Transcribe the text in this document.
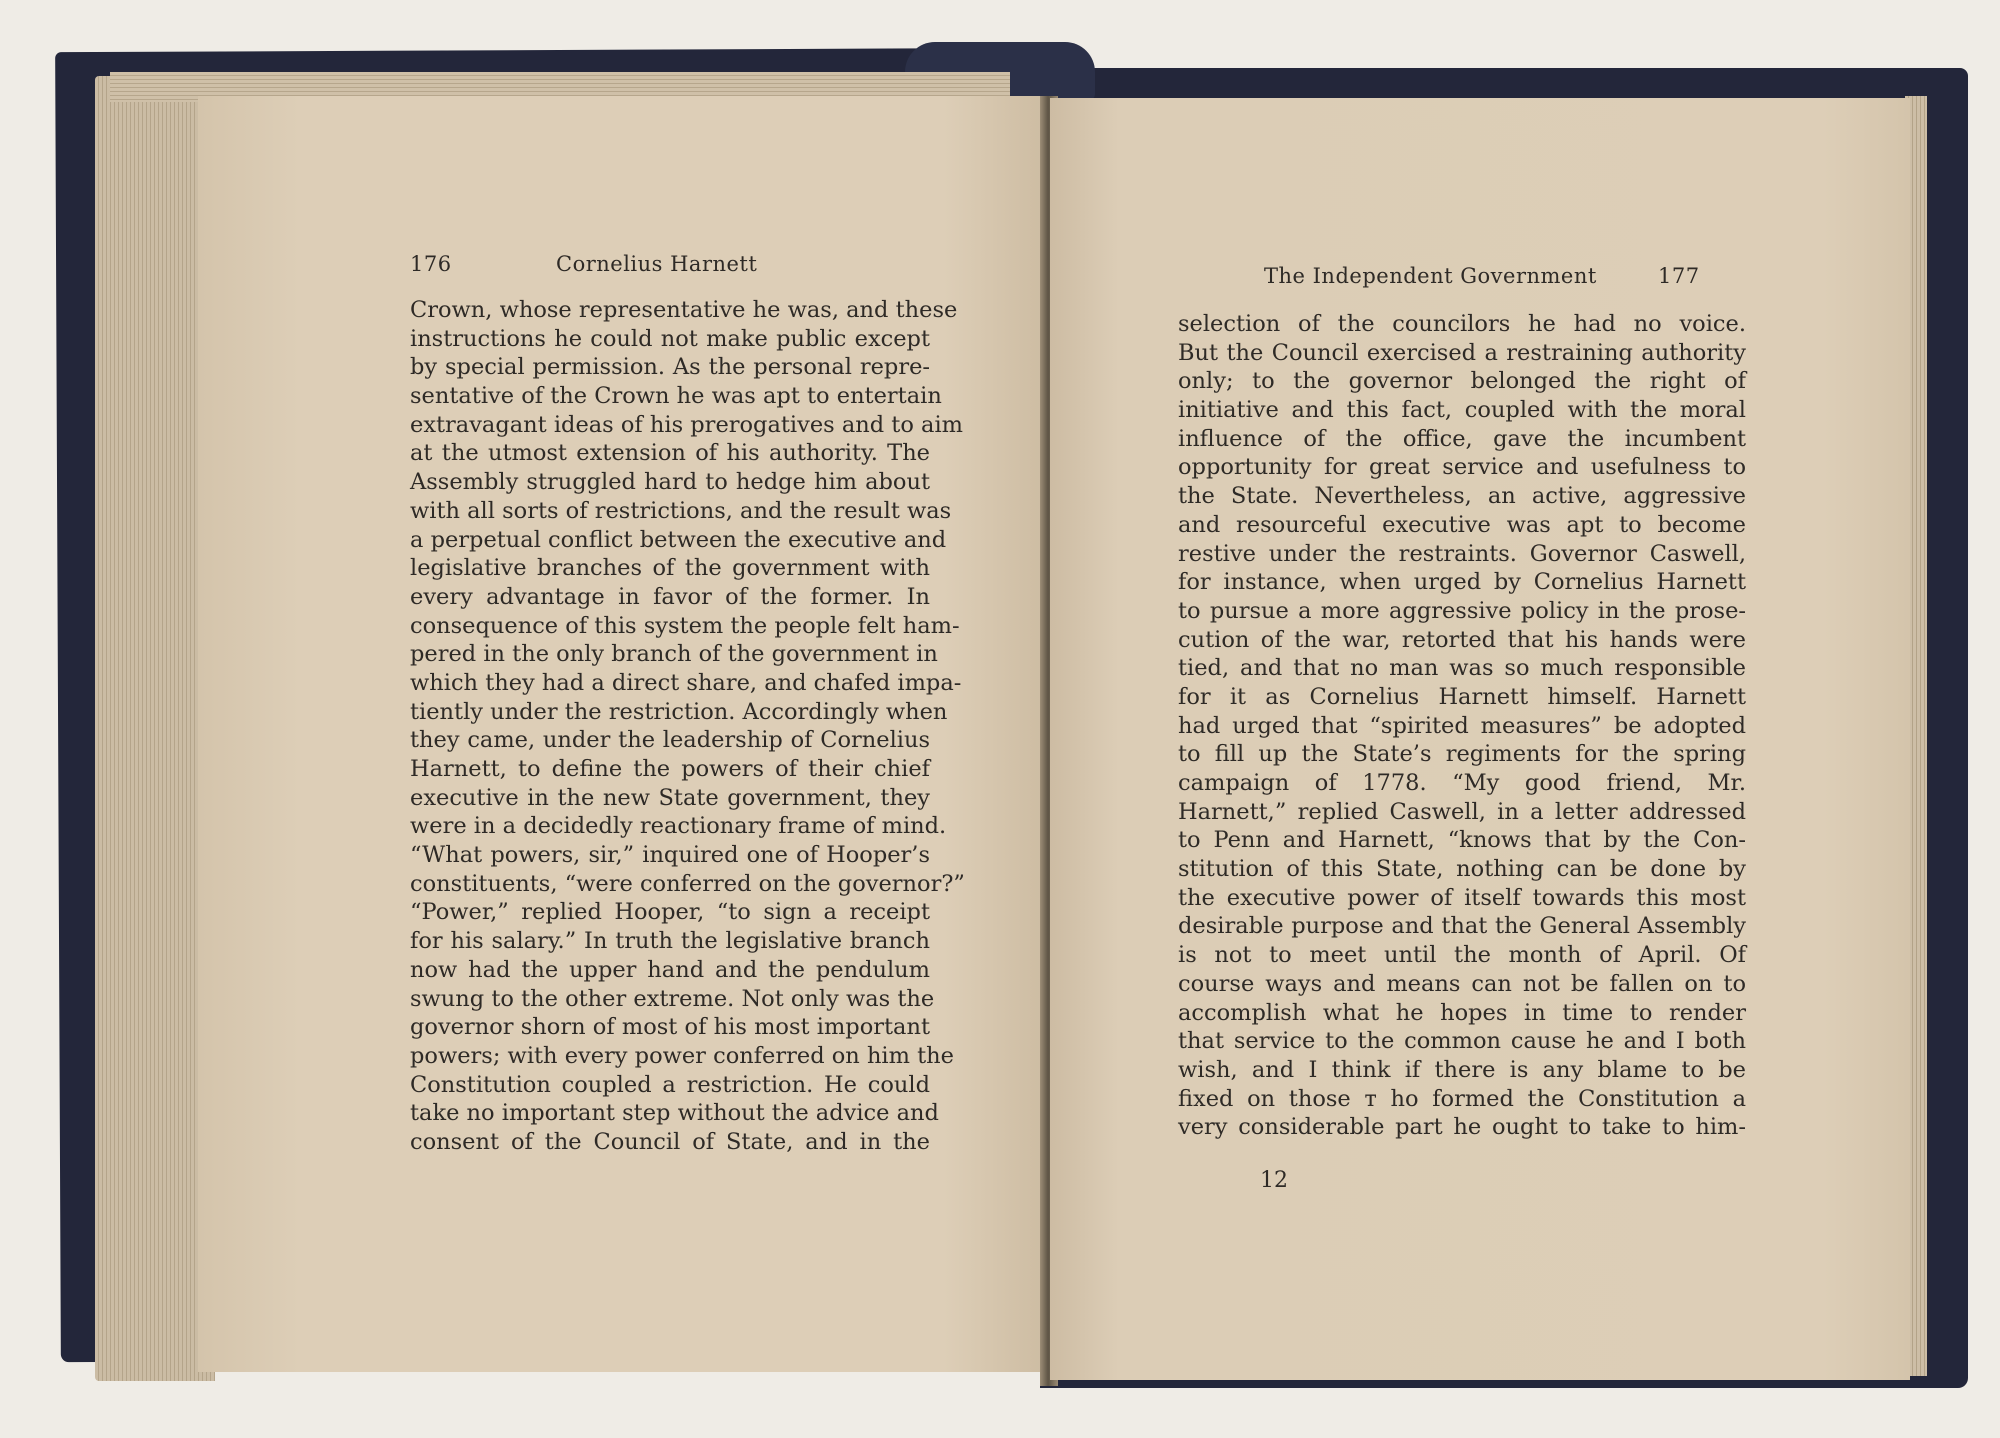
176	Cornelius Harnett
Crown, whose representative he was, and these
instructions he could not make public except
by special permission. As the personal repre-
sentative of the Crown he was apt to entertain
extravagant ideas of his prerogatives and to aim
at the utmost extension of his authority. The
Assembly struggled hard to hedge him about
with all sorts of restrictions, and the result was
a perpetual conflict between the executive and
legislative branches of the government with
every advantage in favor of the former. In
consequence of this system the people felt ham-
pered in the only branch of the government in
which they had a direct share, and chafed impa-
tiently under the restriction. Accordingly when
they came, under the leadership of Cornelius
Harnett, to define the powers of their chief
executive in the new State government, they
were in a decidedly reactionary frame of mind.
“What powers, sir,” inquired one of Hooper’s
constituents, “were conferred on the governor?”
“Power,” replied Hooper, “to sign a receipt
for his salary.” In truth the legislative branch
now had the upper hand and the pendulum
swung to the other extreme. Not only was the
governor shorn of most of his most important
powers; with every power conferred on him the
Constitution coupled a restriction. He could
take no important step without the advice and
consent of the Council of State, and in the
The Independent Government	177
selection of the councilors he had no voice.
But the Council exercised a restraining authority
only; to the governor belonged the right of
initiative and this fact, coupled with the moral
influence of the office, gave the incumbent
opportunity for great service and usefulness to
the State. Nevertheless, an active, aggressive
and resourceful executive was apt to become
restive under the restraints. Governor Caswell,
for instance, when urged by Cornelius Harnett
to pursue a more aggressive policy in the prose-
cution of the war, retorted that his hands were
tied, and that no man was so much responsible
for it as Cornelius Harnett himself. Harnett
had urged that “spirited measures” be adopted
to fill up the State’s regiments for the spring
campaign of 1778. “My good friend, Mr.
Harnett,” replied Caswell, in a letter addressed
to Penn and Harnett, “knows that by the Con-
stitution of this State, nothing can be done by
the executive power of itself towards this most
desirable purpose and that the General Assembly
is not to meet until the month of April. Of
course ways and means can not be fallen on to
accomplish what he hopes in time to render
that service to the common cause he and I both
wish, and I think if there is any blame to be
fixed on those т ho formed the Constitution a
very considerable part he ought to take to him-
12
